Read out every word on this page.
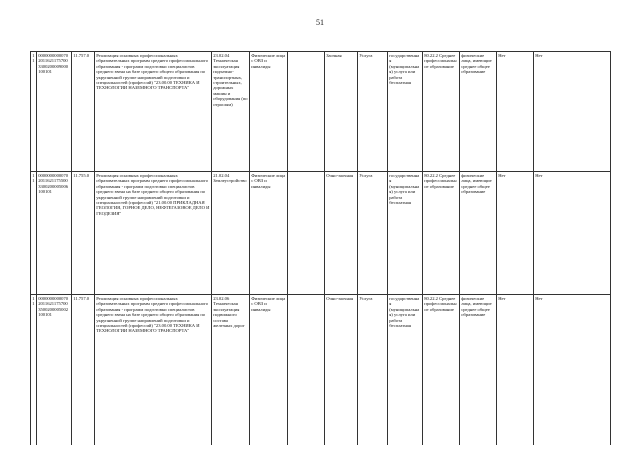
51
11	000000000007020116211757003300200009000100101	11.757.0	Реализация основных профессиональных образовательных программ среднего профессионального образования - программ подготовки специалистов среднего звена на базе среднего общего образования по укрупненной группе направлений подготовки и специальностей (профессий) "23.00.00 ТЕХНИКА И ТЕХНОЛОГИИ НАЗЕМНОГО ТРАНСПОРТА"	23.02.04 Техническая эксплуатация подъемно-транспортных, строительных, дорожных машин и оборудования (по отраслям)	Физические лица с ОВЗ и инвалиды		Заочная	Услуга	государственная (муниципальная) услуга или работа бесплатная	80.22.2 Среднее профессиональное образование	физические лица, имеющие среднее общее образование	Нет	Нет
11	000000000007020116211755003300200005006100101	11.755.0	Реализация основных профессиональных образовательных программ среднего профессионального образования - программ подготовки специалистов среднего звена на базе среднего общего образования по укрупненной группе направлений подготовки и специальностей (профессий) "21.00.00 ПРИКЛАДНАЯ ГЕОЛОГИЯ, ГОРНОЕ ДЕЛО, НЕФТЕГАЗОВОЕ ДЕЛО И ГЕОДЕЗИЯ"	21.02.04 Землеустройство	Физические лица с ОВЗ и инвалиды		Очно-заочная	Услуга	государственная (муниципальная) услуга или работа бесплатная	80.22.2 Среднее профессиональное образование	физические лица, имеющие среднее общее образование	Нет	Нет
11	000000000007020116211757003500200005002100101	11.757.0	Реализация основных профессиональных образовательных программ среднего профессионального образования - программ подготовки специалистов среднего звена на базе среднего общего образования по укрупненной группе направлений подготовки и специальностей (профессий) "23.00.00 ТЕХНИКА И ТЕХНОЛОГИИ НАЗЕМНОГО ТРАНСПОРТА"	23.02.06 Техническая эксплуатация подвижного состава железных дорог	Физические лица с ОВЗ и инвалиды		Очно-заочная	Услуга	государственная (муниципальная) услуга или работа бесплатная	80.22.2 Среднее профессиональное образование	физические лица, имеющие среднее общее образование	Нет	Нет
